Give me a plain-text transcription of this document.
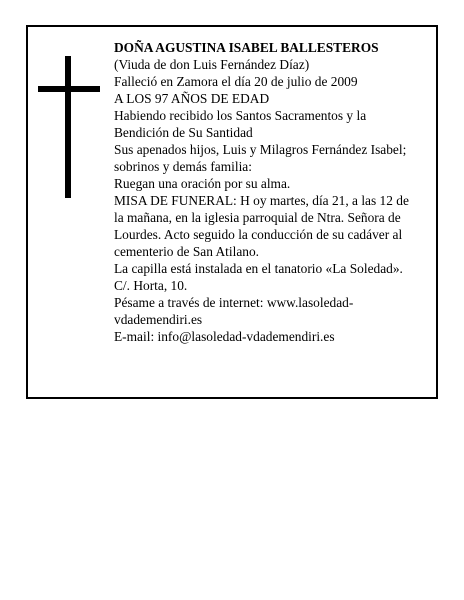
DOÑA AGUSTINA ISABEL BALLESTEROS

(Viuda de don Luis Fernández Díaz)

Falleció en Zamora el día 20 de julio de 2009

A LOS 97 AÑOS DE EDAD

Habiendo recibido los Santos Sacramentos y la Bendición de Su Santidad

Sus apenados hijos, Luis y Milagros Fernández Isabel; sobrinos y demás familia:

Ruegan una oración por su alma.

MISA DE FUNERAL: H oy martes, día 21, a las 12 de la mañana, en la iglesia parroquial de Ntra. Señora de Lourdes. Acto seguido la conducción de su cadáver al cementerio de San Atilano.

La capilla está instalada en el tanatorio «La Soledad». C/. Horta, 10.

Pésame a través de internet: www.lasoledad-vdademendiri.es

E-mail: info@lasoledad-vdademendiri.es
